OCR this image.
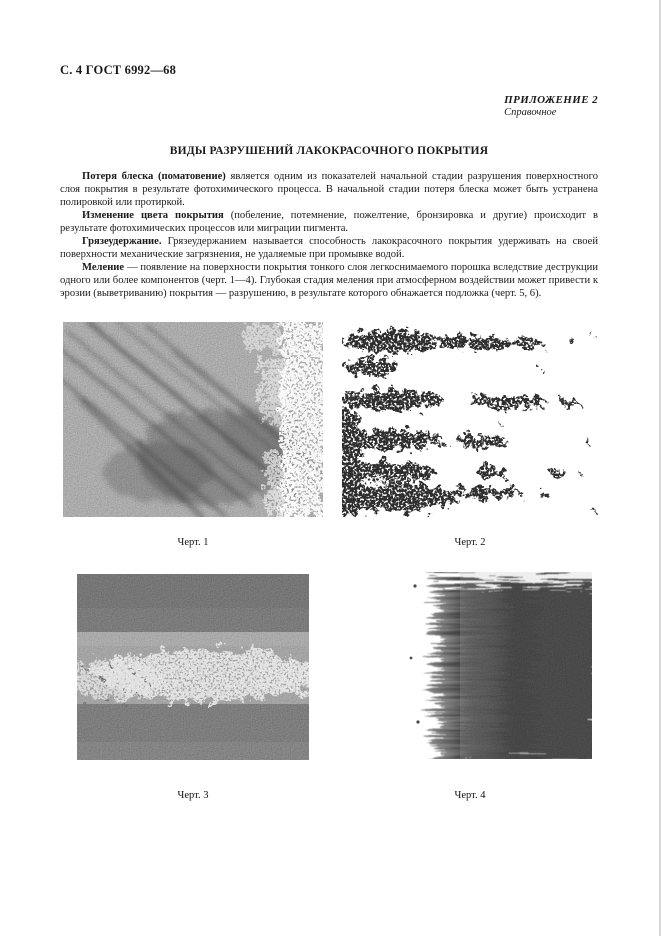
С. 4 ГОСТ 6992—68
ПРИЛОЖЕНИЕ 2
Справочное
ВИДЫ РАЗРУШЕНИЙ ЛАКОКРАСОЧНОГО ПОКРЫТИЯ

Потеря блеска (поматовение) является одним из показателей начальной стадии разрушения поверхностного слоя покрытия в результате фотохимического процесса. В начальной стадии потеря блеска может быть устранена полировкой или протиркой.

Изменение цвета покрытия (побеление, потемнение, пожелтение, бронзировка и другие) происходит в результате фотохимических процессов или миграции пигмента.

Грязеудержание. Грязеудержанием называется способность лакокрасочного покрытия удерживать на своей поверхности механические загрязнения, не удаляемые при промывке водой.

Меление — появление на поверхности покрытия тонкого слоя легкоснимаемого порошка вследствие деструкции одного или более компонентов (черт. 1—4). Глубокая стадия меления при атмосферном воздействии может привести к эрозии (выветриванию) покрытия — разрушению, в результате которого обнажается подложка (черт. 5, 6).

Черт. 1	Черт. 2
Черт. 3	Черт. 4
